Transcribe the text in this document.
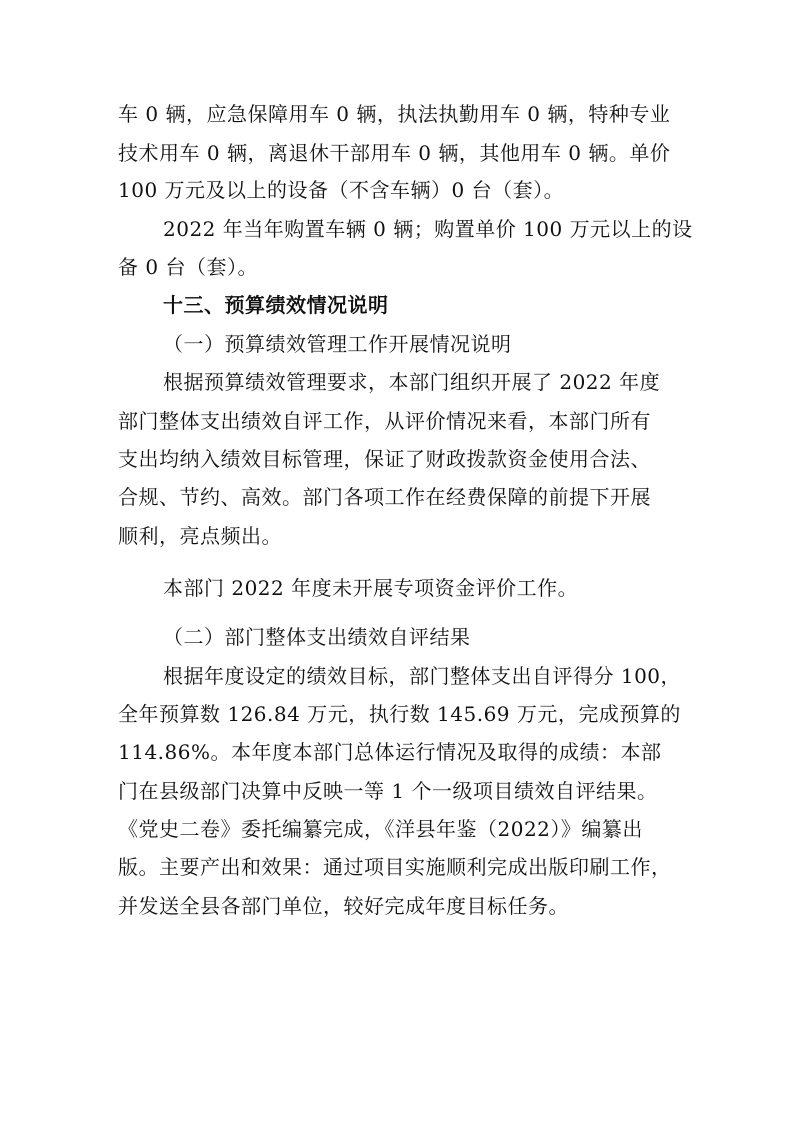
车 0 辆，应急保障用车 0 辆，执法执勤用车 0 辆，特种专业
技术用车 0 辆，离退休干部用车 0 辆，其他用车 0 辆。单价
100 万元及以上的设备（不含车辆）0 台（套）。
2022 年当年购置车辆 0 辆；购置单价 100 万元以上的设
备 0 台（套）。
十三、预算绩效情况说明
（一）预算绩效管理工作开展情况说明
根据预算绩效管理要求，本部门组织开展了 2022 年度
部门整体支出绩效自评工作，从评价情况来看，本部门所有
支出均纳入绩效目标管理，保证了财政拨款资金使用合法、
合规、节约、高效。部门各项工作在经费保障的前提下开展
顺利，亮点频出。
本部门 2022 年度未开展专项资金评价工作。
（二）部门整体支出绩效自评结果
根据年度设定的绩效目标，部门整体支出自评得分 100，
全年预算数 126.84 万元，执行数 145.69 万元，完成预算的
114.86%。本年度本部门总体运行情况及取得的成绩：本部
门在县级部门决算中反映一等 1 个一级项目绩效自评结果。
《党史二卷》委托编纂完成，《洋县年鉴（2022）》编纂出
版。主要产出和效果：通过项目实施顺利完成出版印刷工作，
并发送全县各部门单位，较好完成年度目标任务。
